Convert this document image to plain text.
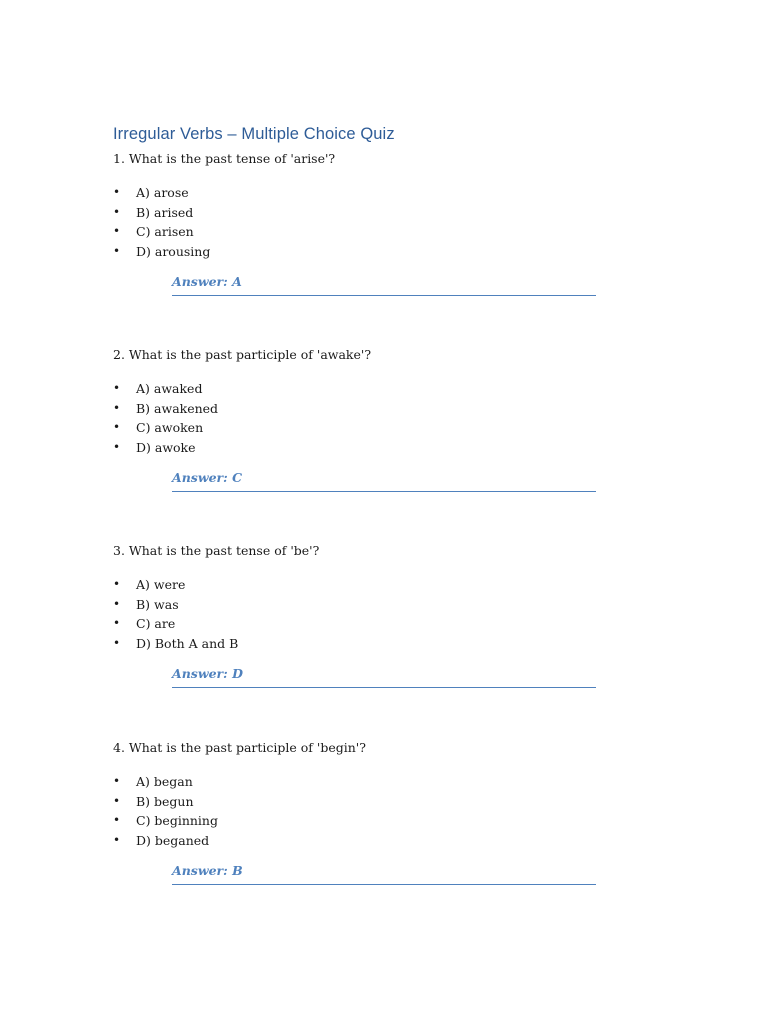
Irregular Verbs – Multiple Choice Quiz
1. What is the past tense of 'arise'?
• A) arose
• B) arised
• C) arisen
• D) arousing
Answer: A
2. What is the past participle of 'awake'?
• A) awaked
• B) awakened
• C) awoken
• D) awoke
Answer: C
3. What is the past tense of 'be'?
• A) were
• B) was
• C) are
• D) Both A and B
Answer: D
4. What is the past participle of 'begin'?
• A) began
• B) begun
• C) beginning
• D) beganed
Answer: B
